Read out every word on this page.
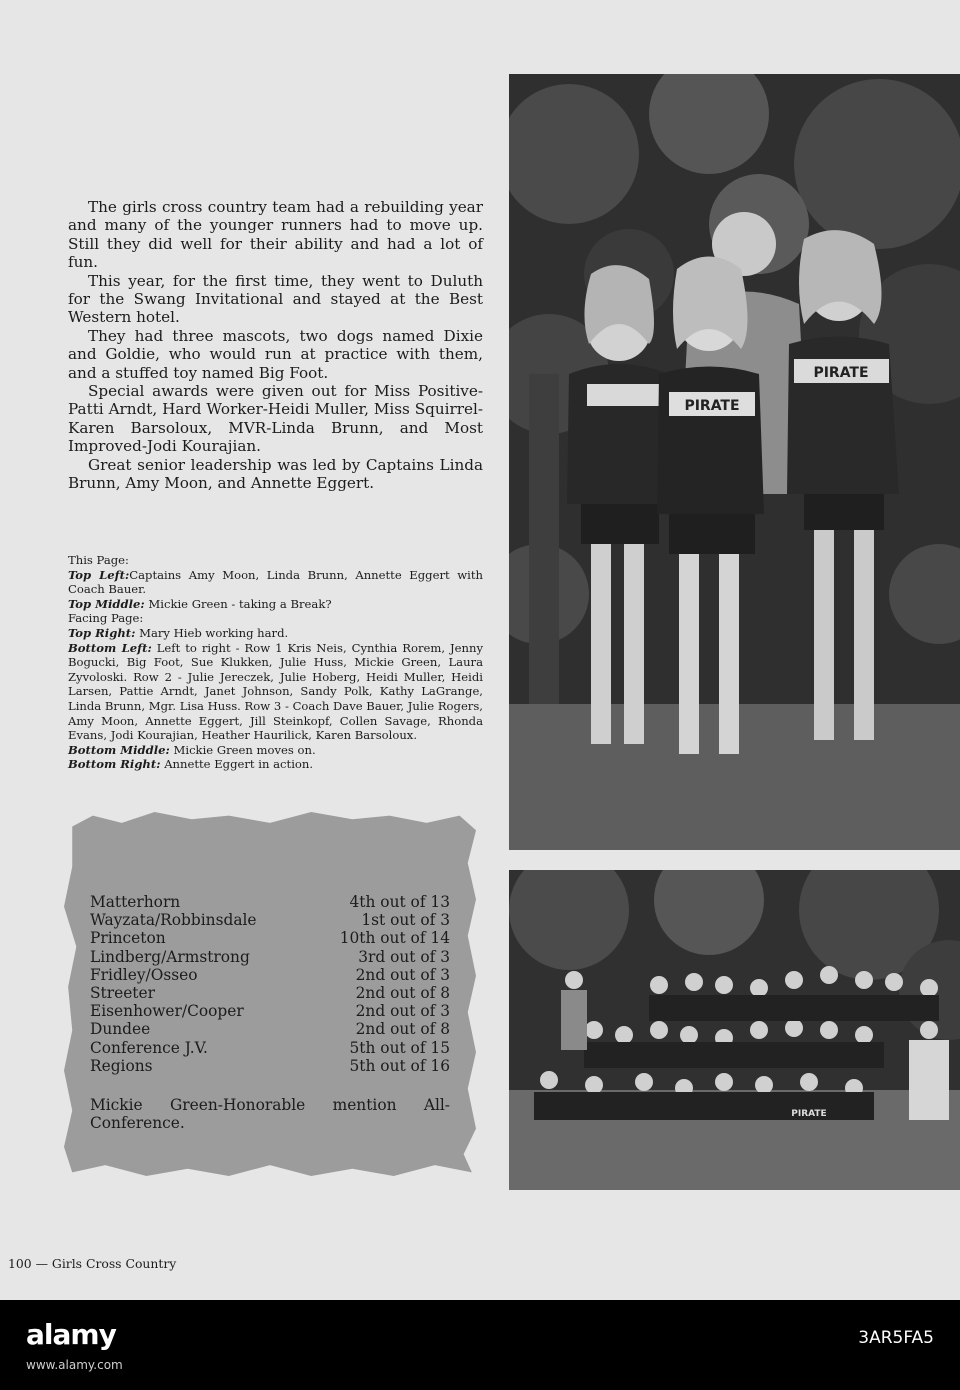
The girls cross country team had a rebuilding year and many of the younger runners had to move up. Still they did well for their ability and had a lot of fun.

This year, for the first time, they went to Duluth for the Swang Invitational and stayed at the Best Western hotel.

They had three mascots, two dogs named Dixie and Goldie, who would run at practice with them, and a stuffed toy named Big Foot.

Special awards were given out for Miss Positive-Patti Arndt, Hard Worker-Heidi Muller, Miss Squirrel-Karen Barsoloux, MVR-Linda Brunn, and Most Improved-Jodi Kourajian.

Great senior leadership was led by Captains Linda Brunn, Amy Moon, and Annette Eggert.

This Page:

Top Left:Captains Amy Moon, Linda Brunn, Annette Eggert with Coach Bauer.

Top Middle: Mickie Green - taking a Break?

Facing Page:

Top Right: Mary Hieb working hard.

Bottom Left: Left to right - Row 1 Kris Neis, Cynthia Rorem, Jenny Bogucki, Big Foot, Sue Klukken, Julie Huss, Mickie Green, Laura Zyvoloski. Row 2 - Julie Jereczek, Julie Hoberg, Heidi Muller, Heidi Larsen, Pattie Arndt, Janet Johnson, Sandy Polk, Kathy LaGrange, Linda Brunn, Mgr. Lisa Huss. Row 3 - Coach Dave Bauer, Julie Rogers, Amy Moon, Annette Eggert, Jill Steinkopf, Collen Savage, Rhonda Evans, Jodi Kourajian, Heather Haurilick, Karen Barsoloux.

Bottom Middle: Mickie Green moves on.

Bottom Right: Annette Eggert in action.

Matterhorn	4th out of 13
Wayzata/Robbinsdale	1st out of 3
Princeton	10th out of 14
Lindberg/Armstrong	3rd out of 3
Fridley/Osseo	2nd out of 3
Streeter	2nd out of 8
Eisenhower/Cooper	2nd out of 3
Dundee	2nd out of 8
Conference J.V.	5th out of 15
Regions	5th out of 16
Mickie Green-Honorable mention All-Conference.
PIRATE
PIRATE
PIRATE
100 — Girls Cross Country
alamy	3AR5FA5
www.alamy.com
